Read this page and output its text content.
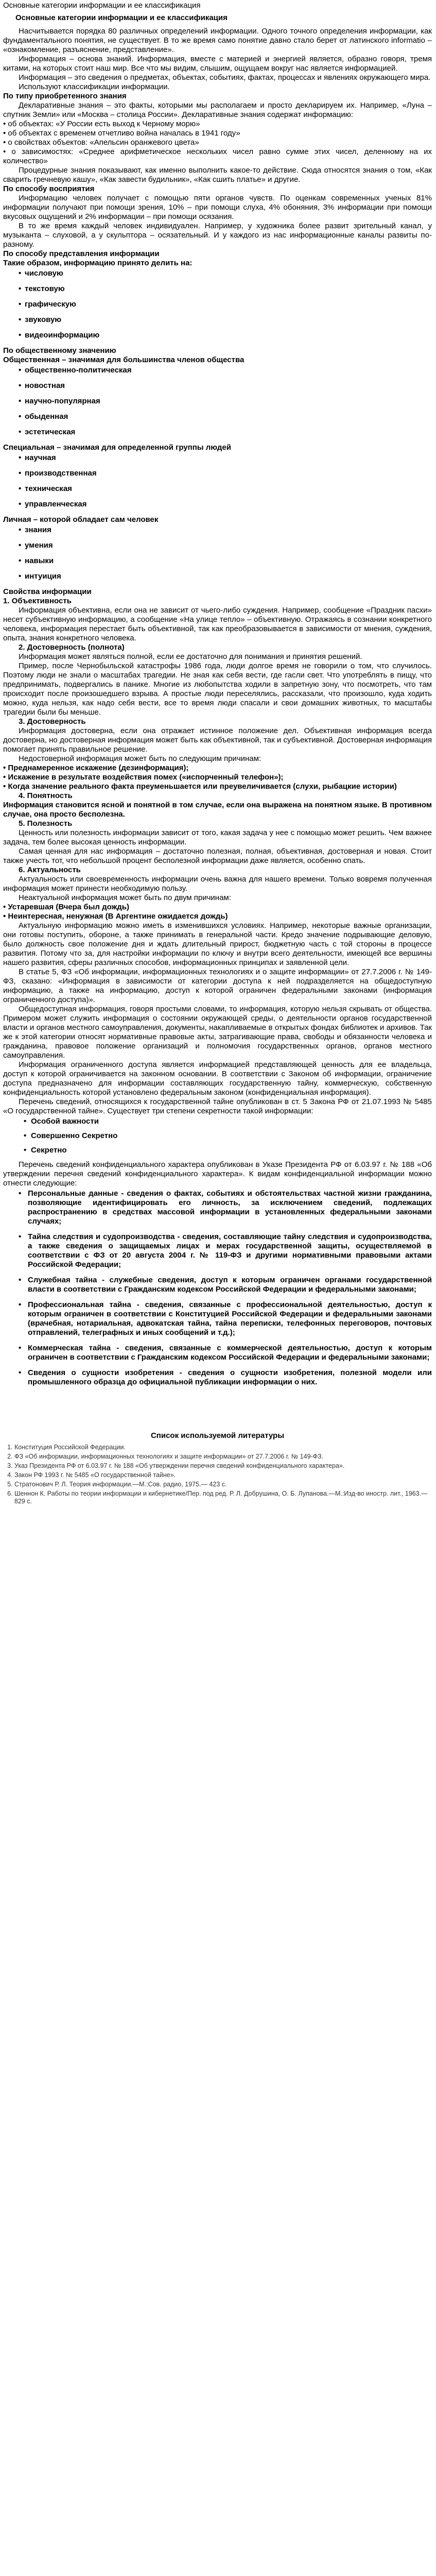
Основные категории информации и ее классификация
Основные категории информации и ее классификация

Насчитывается порядка 80 различных определений информации. Одного точного определения информации, как фундаментального понятия, не существует. В то же время само понятие давно стало берет от латинского informatio – «ознакомление, разъяснение, представление».

Информация – основа знаний. Информация, вместе с материей и энергией является, образно говоря, тремя китами, на которых стоит наш мир. Все что мы видим, слышим, ощущаем вокруг нас является информацией.

Информация – это сведения о предметах, объектах, событиях, фактах, процессах и явлениях окружающего мира.

Используют классификации информации.

По типу приобретенного знания

Декларативные знания – это факты, которыми мы располагаем и просто декларируем их. Например, «Луна – спутник Земли» или «Москва – столица России». Декларативные знания содержат информацию:

• об объектах: «У России есть выход к Черному морю»

• об объектах с временем отчетливо война началась в 1941 году»

• о свойствах объектов: «Апельсин оранжевого цвета»

• о зависимостях: «Среднее арифметическое нескольких чисел равно сумме этих чисел, деленному на их количество»

Процедурные знания показывают, как именно выполнить какое-то действие. Сюда относятся знания о том, «Как сварить гречневую кашу», «Как завести будильник», «Как сшить платье» и другие.

По способу восприятия

Информацию человек получает с помощью пяти органов чувств. По оценкам современных ученых 81% информации получают при помощи зрения, 10% – при помощи слуха, 4% обоняния, 3% информации при помощи вкусовых ощущений и 2% информации – при помощи осязания.

В то же время каждый человек индивидуален. Например, у художника более развит зрительный канал, у музыканта – слуховой, а у скульптора – осязательный. И у каждого из нас информационные каналы развиты по-разному.

По способу представления информации

Такие образом, информацию принято делить на:

• числовую
• текстовую
• графическую
• звуковую
• видеоинформацию

По общественному значению

Общественная – значимая для большинства членов общества

• общественно-политическая
• новостная
• научно-популярная
• обыденная
• эстетическая

Специальная – значимая для определенной группы людей

• научная
• производственная
• техническая
• управленческая

Личная – которой обладает сам человек

• знания
• умения
• навыки
• интуиция

Свойства информации

1. Объективность

Информация объективна, если она не зависит от чьего-либо суждения. Например, сообщение «Праздник пасхи» несет субъективную информацию, а сообщение «На улице тепло» – объективную. Отражаясь в сознании конкретного человека, информация перестает быть объективной, так как преобразовывается в зависимости от мнения, суждения, опыта, знания конкретного человека.

2. Достоверность (полнота)

Информация может являться полной, если ее достаточно для понимания и принятия решений.

Пример, после Чернобыльской катастрофы 1986 года, люди долгое время не говорили о том, что случилось. Поэтому люди не знали о масштабах трагедии. Не зная как себя вести, где гасли свет. Что употреблять в пищу, что предпринимать, подвергались в панике. Многие из любопытства ходили в запретную зону, что посмотреть, что там происходит после произошедшего взрыва. А простые люди переселялись, рассказали, что произошло, куда ходить можно, куда нельзя, как надо себя вести, все то время люди спасали и свои домашних животных, то масштабы трагедии были бы меньше.

3. Достоверность

Информация достоверна, если она отражает истинное положение дел. Объективная информация всегда достоверна, но достоверная информация может быть как объективной, так и субъективной. Достоверная информация помогает принять правильное решение.

Недостоверной информация может быть по следующим причинам:

• Преднамеренное искажение (дезинформация);

• Искажение в результате воздействия помех («испорченный телефон»);

• Когда значение реального факта преуменьшается или преувеличивается (слухи, рыбацкие истории)

4. Понятность

Информация становится ясной и понятной в том случае, если она выражена на понятном языке. В противном случае, она просто бесполезна.

5. Полезность

Ценность или полезность информации зависит от того, какая задача у нее с помощью может решить. Чем важнее задача, тем более высокая ценность информации.

Самая ценная для нас информация – достаточно полезная, полная, объективная, достоверная и новая. Стоит также учесть тот, что небольшой процент бесполезной информации даже является, особенно спать.

6. Актуальность

Актуальность или своевременность информации очень важна для нашего времени. Только вовремя полученная информация может принести необходимую пользу.

Неактуальной информация может быть по двум причинам:

• Устаревшая (Вчера был дождь)

• Неинтересная, ненужная (В Аргентине ожидается дождь)

Актуальную информацию можно иметь в изменившихся условиях. Например, некоторые важные организации, они готовы поступить, обороне, а также принимать в генеральной части. Кредо значение подрывающие деловую, было должность свое положение дня и ждать длительный прирост, бюджетную часть с той стороны в процессе развития. Потому что за, для настройки информации по ключу и внутри всего деятельности, имеющей все вершины нашего развития, сферы различных способов, информационных принципах и заявленной цели.

В статье 5, ФЗ «Об информации, информационных технологиях и о защите информации» от 27.7.2006 г. № 149-ФЗ, сказано: «Информация в зависимости от категории доступа к ней подразделяется на общедоступную информацию, а также на информацию, доступ к которой ограничен федеральными законами (информация ограниченного доступа)».

Общедоступная информация, говоря простыми словами, то информация, которую нельзя скрывать от общества. Примером может служить информация о состоянии окружающей среды, о деятельности органов государственной власти и органов местного самоуправления, документы, накапливаемые в открытых фондах библиотек и архивов. Так же к этой категории относят нормативные правовые акты, затрагивающие права, свободы и обязанности человека и гражданина, правовое положение организаций и полномочия государственных органов, органов местного самоуправления.

Информация ограниченного доступа является информацией представляющей ценность для ее владельца, доступ к которой ограничивается на законном основании. В соответствии с Законом об информации, ограничение доступа предназначено для информации составляющих государственную тайну, коммерческую, собственную конфиденциальность которой установлено федеральным законом (конфиденциальная информация).

Перечень сведений, относящихся к государственной тайне опубликован в ст. 5 Закона РФ от 21.07.1993 № 5485 «О государственной тайне». Существует три степени секретности такой информации:

• Особой важности
• Совершенно Секретно
• Секретно

Перечень сведений конфиденциального характера опубликован в Указе Президента РФ от 6.03.97 г. № 188 «Об утверждении перечня сведений конфиденциального характера». К видам конфиденциальной информации можно отнести следующие:

• Персональные данные - сведения о фактах, событиях и обстоятельствах частной жизни гражданина, позволяющие идентифицировать его личность, за исключением сведений, подлежащих распространению в средствах массовой информации в установленных федеральными законами случаях;
• Тайна следствия и судопроизводства - сведения, составляющие тайну следствия и судопроизводства, а также сведения о защищаемых лицах и мерах государственной защиты, осуществляемой в соответствии с ФЗ от 20 августа 2004 г. № 119-ФЗ и другими нормативными правовыми актами Российской Федерации;
• Служебная тайна - служебные сведения, доступ к которым ограничен органами государственной власти в соответствии с Гражданским кодексом Российской Федерации и федеральными законами;
• Профессиональная тайна - сведения, связанные с профессиональной деятельностью, доступ к которым ограничен в соответствии с Конституцией Российской Федерации и федеральными законами (врачебная, нотариальная, адвокатская тайна, тайна переписки, телефонных переговоров, почтовых отправлений, телеграфных и иных сообщений и т.д.);
• Коммерческая тайна - сведения, связанные с коммерческой деятельностью, доступ к которым ограничен в соответствии с Гражданским кодексом Российской Федерации и федеральными законами;
• Сведения о сущности изобретения - сведения о сущности изобретения, полезной модели или промышленного образца до официальной публикации информации о них.
Список используемой литературы
1. Конституция Российской Федерации.
2. ФЗ «Об информации, информационных технологиях и защите информации» от 27.7.2006 г. № 149-ФЗ.
3. Указ Президента РФ от 6.03.97 г. № 188 «Об утверждении перечня сведений конфиденциального характера».
4. Закон РФ 1993 г. № 5485 «О государственной тайне».
5. Стратонович Р. Л. Теория информации.—М.:Сов. радио, 1975.— 423 с.
6. Шеннон К. Работы по теории информации и кибернетике/Пер. под ред. Р. Л. Добрушина, О. Б. Лупанова.—М.:Изд-во иностр. лит., 1963.— 829 с.
